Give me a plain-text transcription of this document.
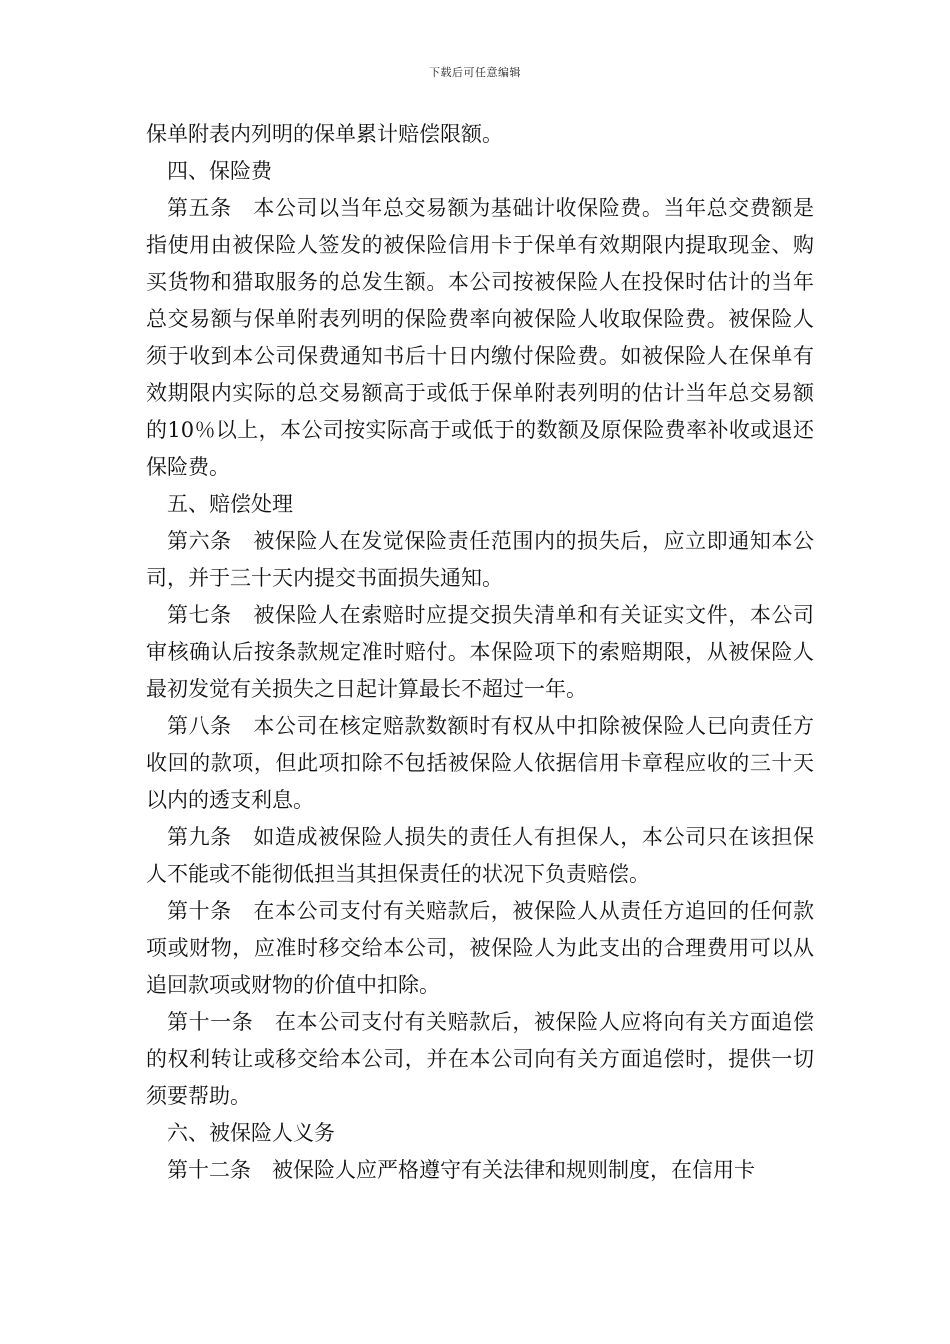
下载后可任意编辑

保单附表内列明的保单累计赔偿限额。

四、保险费

第五条　本公司以当年总交易额为基础计收保险费。当年总交费额是指使用由被保险人签发的被保险信用卡于保单有效期限内提取现金、购买货物和猎取服务的总发生额。本公司按被保险人在投保时估计的当年总交易额与保单附表列明的保险费率向被保险人收取保险费。被保险人须于收到本公司保费通知书后十日内缴付保险费。如被保险人在保单有效期限内实际的总交易额高于或低于保单附表列明的估计当年总交易额的10％以上，本公司按实际高于或低于的数额及原保险费率补收或退还保险费。

五、赔偿处理

第六条　被保险人在发觉保险责任范围内的损失后，应立即通知本公司，并于三十天内提交书面损失通知。

第七条　被保险人在索赔时应提交损失清单和有关证实文件，本公司审核确认后按条款规定准时赔付。本保险项下的索赔期限，从被保险人最初发觉有关损失之日起计算最长不超过一年。

第八条　本公司在核定赔款数额时有权从中扣除被保险人已向责任方收回的款项，但此项扣除不包括被保险人依据信用卡章程应收的三十天以内的透支利息。

第九条　如造成被保险人损失的责任人有担保人，本公司只在该担保人不能或不能彻低担当其担保责任的状况下负责赔偿。

第十条　在本公司支付有关赔款后，被保险人从责任方追回的任何款项或财物，应准时移交给本公司，被保险人为此支出的合理费用可以从追回款项或财物的价值中扣除。

第十一条　在本公司支付有关赔款后，被保险人应将向有关方面追偿的权利转让或移交给本公司，并在本公司向有关方面追偿时，提供一切须要帮助。

六、被保险人义务

第十二条　被保险人应严格遵守有关法律和规则制度，在信用卡
